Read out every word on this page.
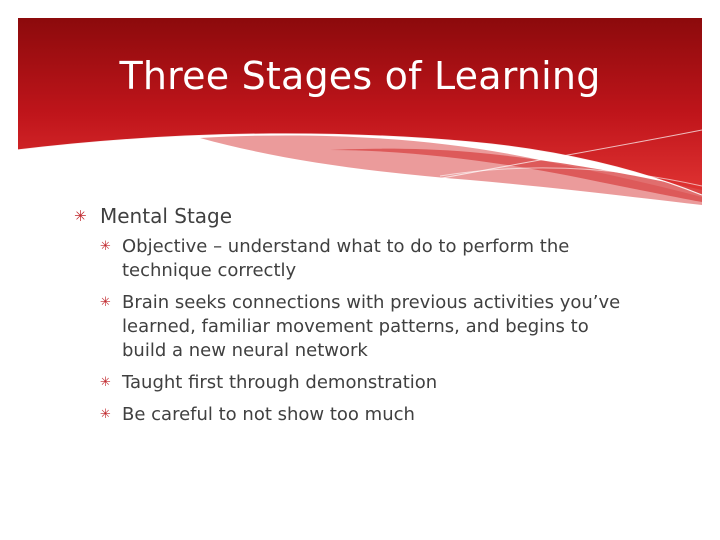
Three Stages of Learning

✳ Mental Stage

✳ Objective – understand what to do to perform the technique correctly
✳ Brain seeks connections with previous activities you’ve learned, familiar movement patterns, and begins to build a new neural network
✳ Taught first through demonstration
✳ Be careful to not show too much
